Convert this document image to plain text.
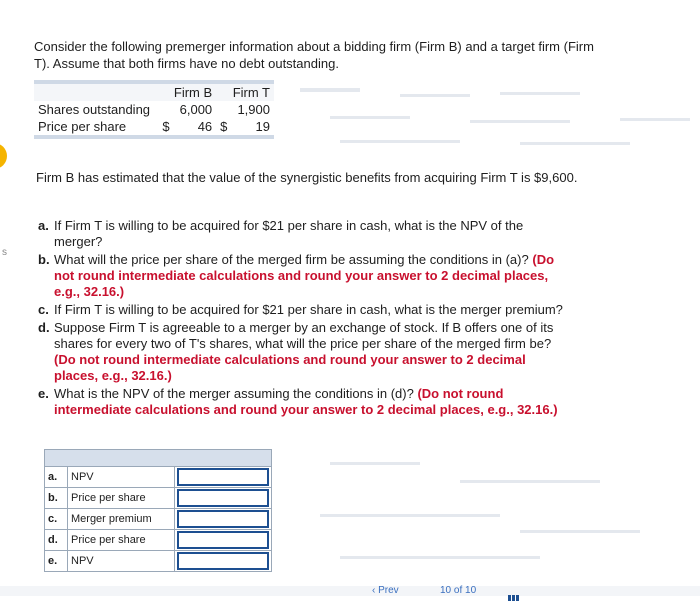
Consider the following premerger information about a bidding firm (Firm B) and a target firm (Firm T). Assume that both firms have no debt outstanding.
	Firm B		Firm T	
Shares outstanding		6,000		1,900
Price per share	$	46	$	19
s
Firm B has estimated that the value of the synergistic benefits from acquiring Firm T is $9,600.
a. If Firm T is willing to be acquired for $21 per share in cash, what is the NPV of the merger?
b. What will the price per share of the merged firm be assuming the conditions in (a)? (Do not round intermediate calculations and round your answer to 2 decimal places, e.g., 32.16.)
c. If Firm T is willing to be acquired for $21 per share in cash, what is the merger premium?
d. Suppose Firm T is agreeable to a merger by an exchange of stock. If B offers one of its shares for every two of T's shares, what will the price per share of the merged firm be? (Do not round intermediate calculations and round your answer to 2 decimal places, e.g., 32.16.)
e. What is the NPV of the merger assuming the conditions in (d)? (Do not round intermediate calculations and round your answer to 2 decimal places, e.g., 32.16.)

a.	NPV	
b.	Price per share	
c.	Merger premium	
d.	Price per share	
e.	NPV	
‹ Prev	10 of 10
